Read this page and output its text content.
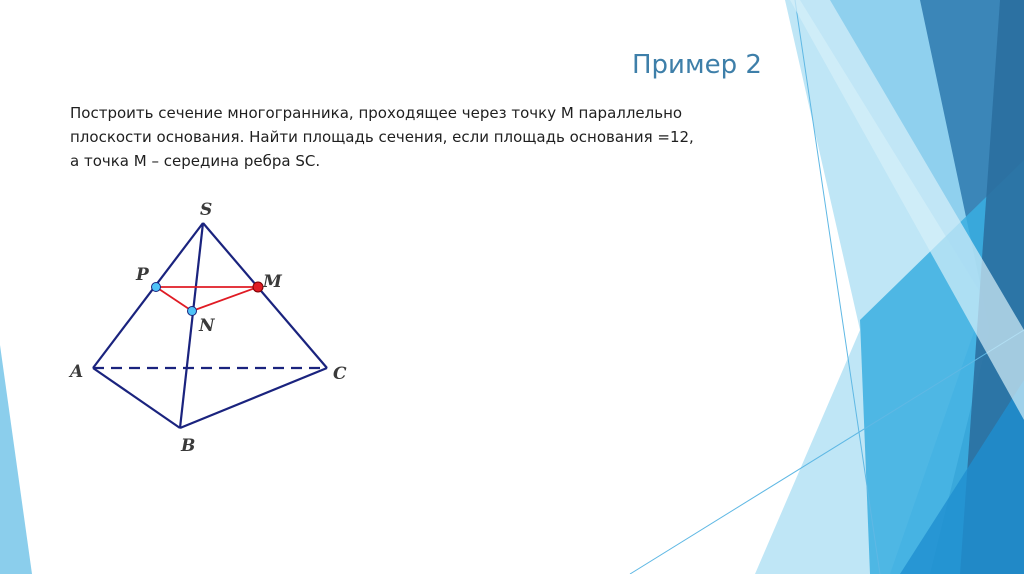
Пример 2
Построить сечение многогранника, проходящее через точку М параллельно
плоскости основания. Найти площадь сечения, если площадь основания =12,
а точка М – середина ребра SC.
S
A
B
C
P	M
N
